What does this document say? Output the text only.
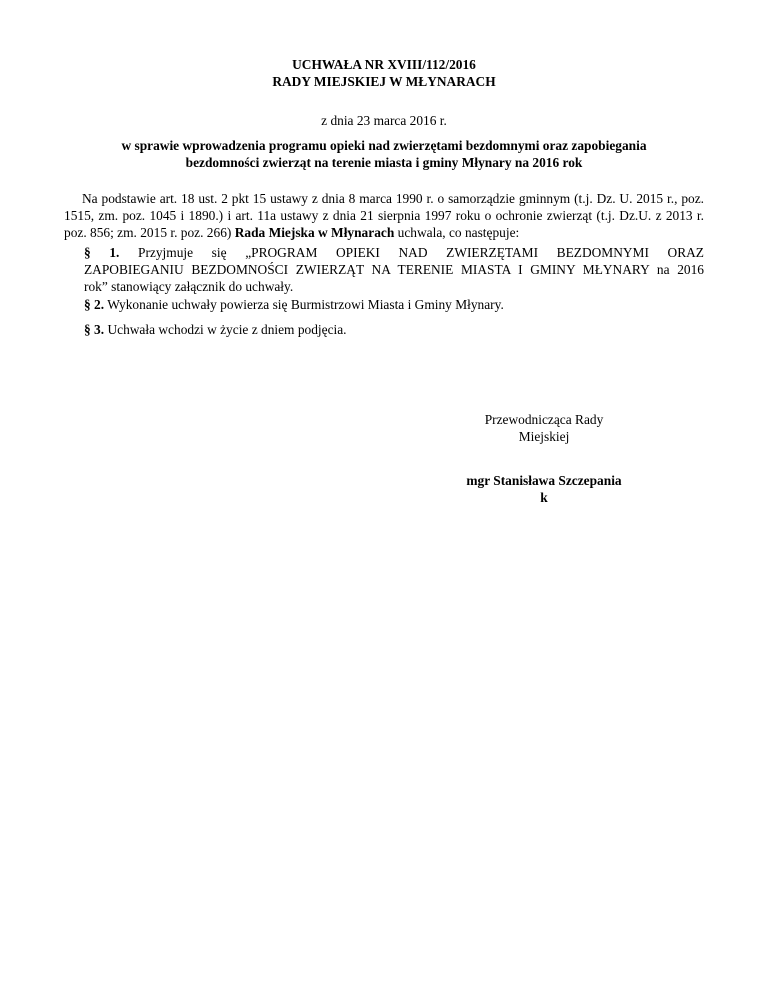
UCHWAŁA NR XVIII/112/2016
RADY MIEJSKIEJ W MŁYNARACH
z dnia 23 marca 2016 r.
w sprawie wprowadzenia programu opieki nad zwierzętami bezdomnymi oraz zapobiegania
bezdomności zwierząt na terenie miasta i gminy Młynary na 2016 rok

Na podstawie art. 18 ust. 2 pkt 15 ustawy z dnia 8 marca 1990 r. o samorządzie gminnym (t.j. Dz. U. 2015 r., poz. 1515, zm. poz. 1045 i 1890.) i art. 11a ustawy z dnia 21 sierpnia 1997 roku o ochronie zwierząt (t.j. Dz.U. z 2013 r. poz. 856; zm. 2015 r. poz. 266) Rada Miejska w Młynarach uchwala, co następuje:

§ 1. Przyjmuje się „PROGRAM OPIEKI NAD ZWIERZĘTAMI BEZDOMNYMI ORAZ
ZAPOBIEGANIU BEZDOMNOŚCI ZWIERZĄT NA TERENIE MIASTA I GMINY MŁYNARY na 2016
rok” stanowiący załącznik do uchwały.
§ 2. Wykonanie uchwały powierza się Burmistrzowi Miasta i Gminy Młynary.
§ 3. Uchwała wchodzi w życie z dniem podjęcia.
Przewodnicząca Rady
Miejskiej
mgr Stanisława Szczepania
k
